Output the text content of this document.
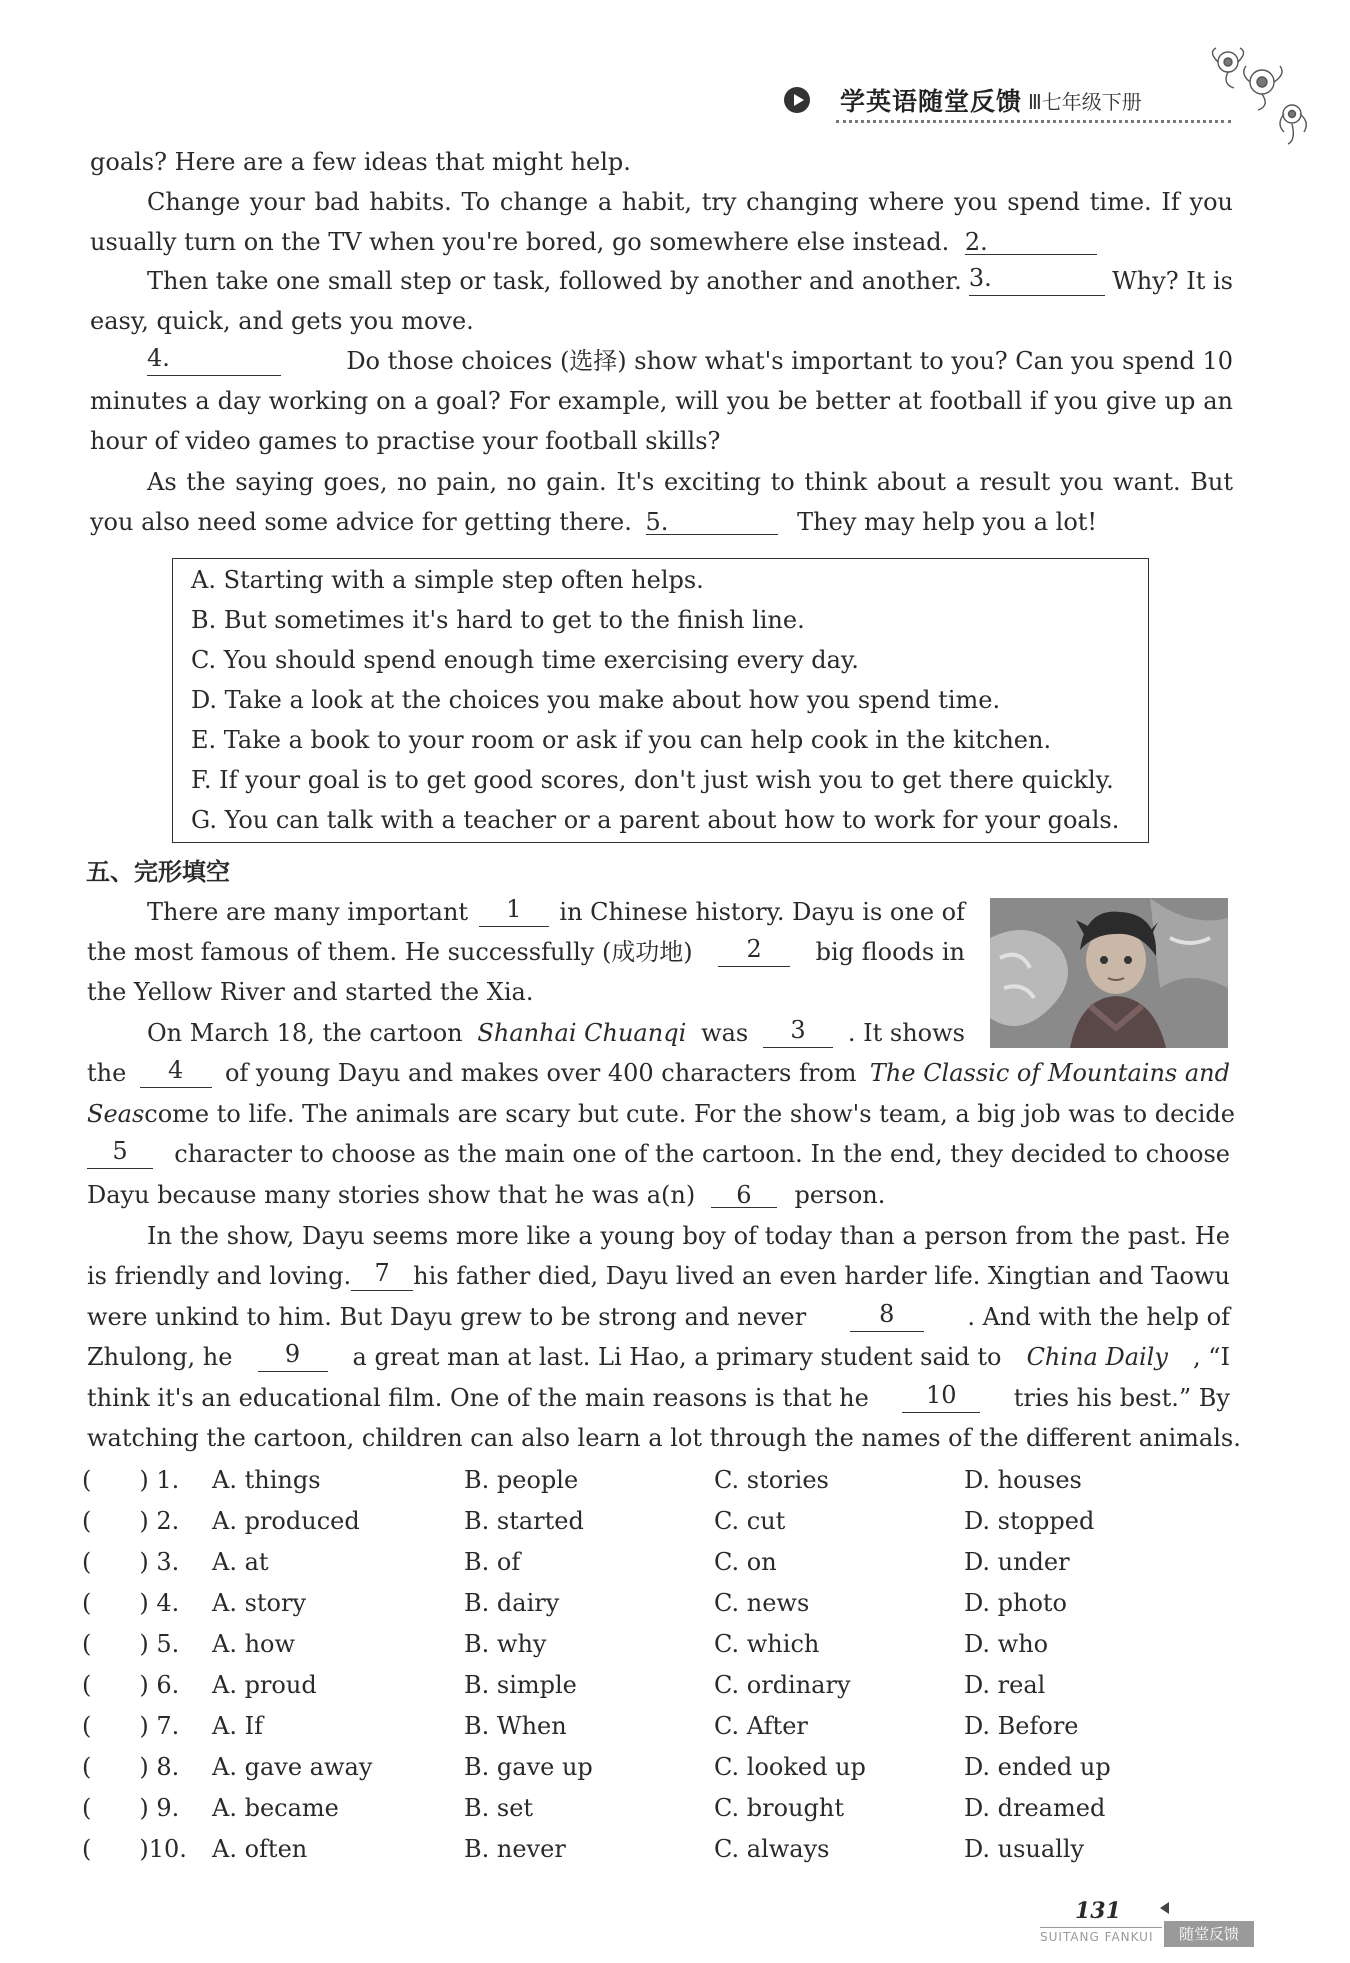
学英语随堂反馈 Ⅲ七年级下册
goals? Here are a few ideas that might help.
Change your bad habits. To change a habit, try changing where you spend time. If you
usually turn on the TV when you're bored, go somewhere else instead. 2.
Then take one small step or task, followed by another and another. 3.	Why? It is
easy, quick, and gets you move.
4.	Do those choices (选择) show what's important to you? Can you spend 10
minutes a day working on a goal? For example, will you be better at football if you give up an
hour of video games to practise your football skills?
As the saying goes, no pain, no gain. It's exciting to think about a result you want. But
you also need some advice for getting there. 5.	They may help you a lot!
A. Starting with a simple step often helps.
B. But sometimes it's hard to get to the finish line.
C. You should spend enough time exercising every day.
D. Take a look at the choices you make about how you spend time.
E. Take a book to your room or ask if you can help cook in the kitchen.
F. If your goal is to get good scores, don't just wish you to get there quickly.
G. You can talk with a teacher or a parent about how to work for your goals.
五、完形填空
There are many important	1	in Chinese history. Dayu is one of
the most famous of them. He successfully (成功地)	2	big floods in
the Yellow River and started the Xia.
On March 18, the cartoon Shanhai Chuanqi was	3	. It shows
the	4	of young Dayu and makes over 400 characters from The Classic of Mountains and
Seas come to life. The animals are scary but cute. For the show's team, a big job was to decide
5	character to choose as the main one of the cartoon. In the end, they decided to choose
Dayu because many stories show that he was a(n) 6 person.
In the show, Dayu seems more like a young boy of today than a person from the past. He
is friendly and loving. 7 his father died, Dayu lived an even harder life. Xingtian and Taowu
were unkind to him. But Dayu grew to be strong and never	8	. And with the help of
Zhulong, he	9	a great man at last. Li Hao, a primary student said to China Daily , “I
think it's an educational film. One of the main reasons is that he	10	tries his best.” By
watching the cartoon, children can also learn a lot through the names of the different animals.
(　　) 1. A. things	B. people	C. stories	D. houses
(　　) 2. A. produced	B. started	C. cut	D. stopped
(　　) 3. A. at	B. of	C. on	D. under
(　　) 4. A. story	B. dairy	C. news	D. photo
(　　) 5. A. how	B. why	C. which	D. who
(　　) 6. A. proud	B. simple	C. ordinary	D. real
(　　) 7. A. If	B. When	C. After	D. Before
(　　) 8. A. gave away	B. gave up	C. looked up	D. ended up
(　　) 9. A. became	B. set	C. brought	D. dreamed
(　　)10. A. often	B. never	C. always	D. usually
131
SUITANG FANKUI	随堂反馈
